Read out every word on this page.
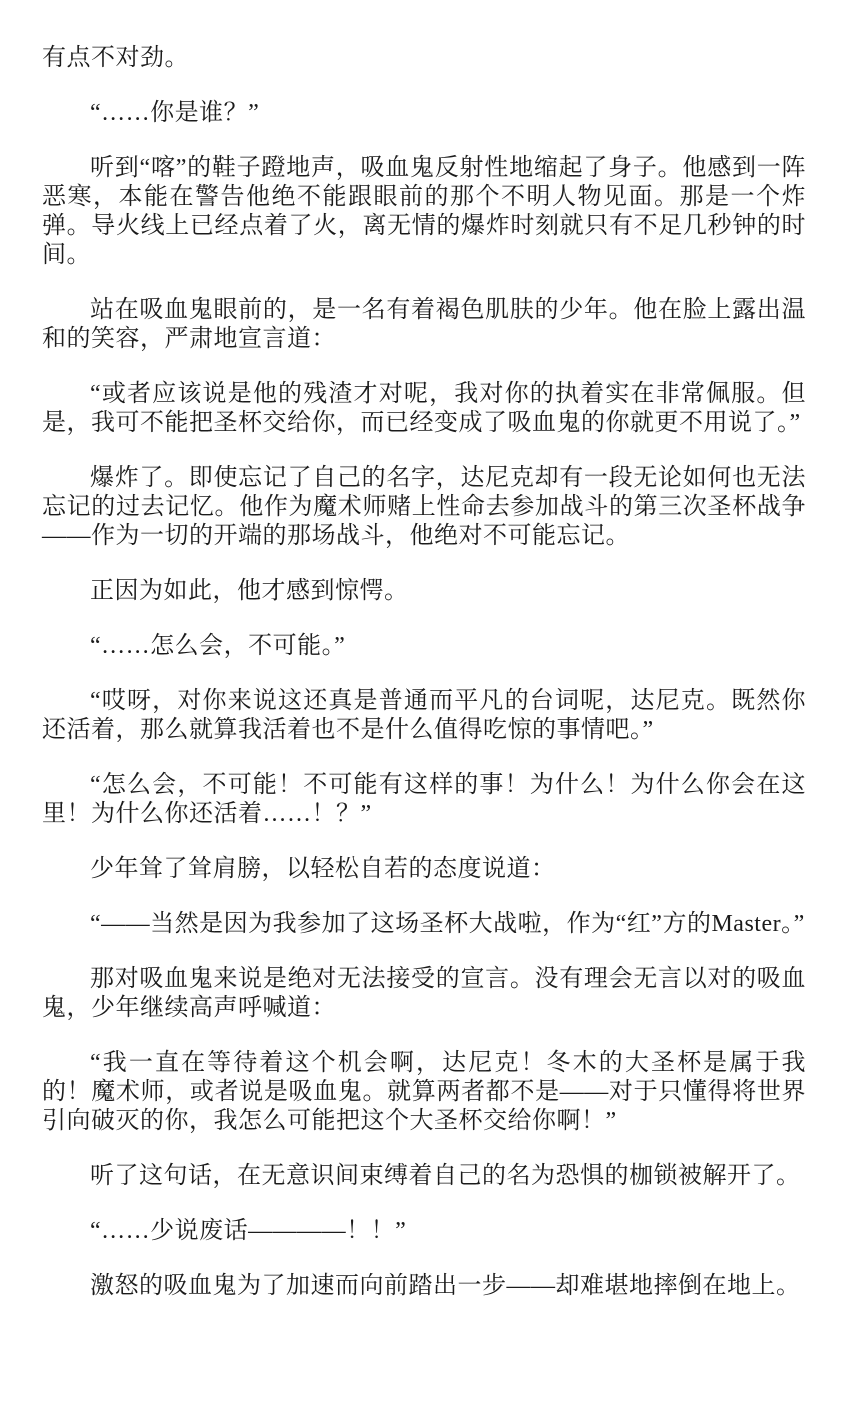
有点不对劲。

“……你是谁？”

听到“喀”的鞋子蹬地声，吸血鬼反射性地缩起了身子。他感到一阵恶寒，本能在警告他绝不能跟眼前的那个不明人物见面。那是一个炸弹。导火线上已经点着了火，离无情的爆炸时刻就只有不足几秒钟的时间。

站在吸血鬼眼前的，是一名有着褐色肌肤的少年。他在脸上露出温和的笑容，严肃地宣言道：

“或者应该说是他的残渣才对呢，我对你的执着实在非常佩服。但是，我可不能把圣杯交给你，而已经变成了吸血鬼的你就更不用说了。”

爆炸了。即使忘记了自己的名字，达尼克却有一段无论如何也无法忘记的过去记忆。他作为魔术师赌上性命去参加战斗的第三次圣杯战争——作为一切的开端的那场战斗，他绝对不可能忘记。

正因为如此，他才感到惊愕。

“……怎么会，不可能。”

“哎呀，对你来说这还真是普通而平凡的台词呢，达尼克。既然你还活着，那么就算我活着也不是什么值得吃惊的事情吧。”

“怎么会，不可能！不可能有这样的事！为什么！为什么你会在这里！为什么你还活着……！？”

少年耸了耸肩膀，以轻松自若的态度说道：

“——当然是因为我参加了这场圣杯大战啦，作为“红”方的Master。”

那对吸血鬼来说是绝对无法接受的宣言。没有理会无言以对的吸血鬼，少年继续高声呼喊道：

“我一直在等待着这个机会啊，达尼克！冬木的大圣杯是属于我的！魔术师，或者说是吸血鬼。就算两者都不是——对于只懂得将世界引向破灭的你，我怎么可能把这个大圣杯交给你啊！”

听了这句话，在无意识间束缚着自己的名为恐惧的枷锁被解开了。

“……少说废话————！！”

激怒的吸血鬼为了加速而向前踏出一步——却难堪地摔倒在地上。
